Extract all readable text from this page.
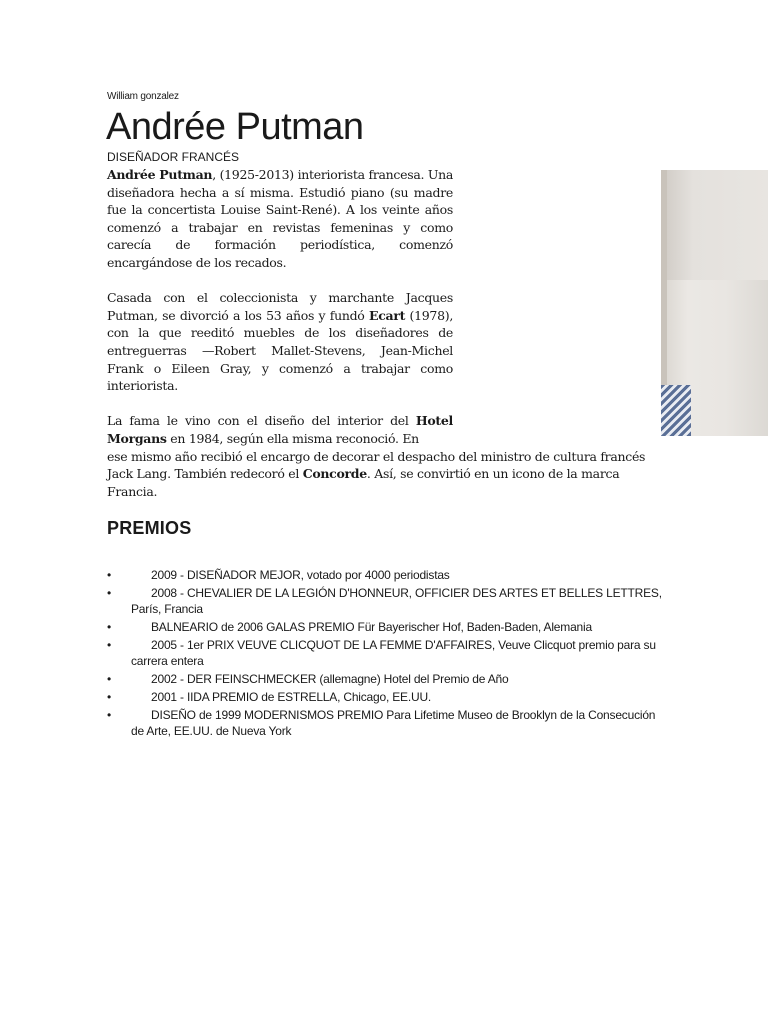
William gonzalez
Andrée Putman
DISEÑADOR FRANCÉS

Andrée Putman, (1925-2013) interiorista francesa. Una diseñadora hecha a sí misma. Estudió piano (su madre fue la concertista Louise Saint-René). A los veinte años comenzó a trabajar en revistas femeninas y como carecía de formación periodística, comenzó encargándose de los recados.

Casada con el coleccionista y marchante Jacques Putman, se divorció a los 53 años y fundó Ecart (1978), con la que reeditó muebles de los diseñadores de entreguerras —Robert Mallet-Stevens, Jean-Michel Frank o Eileen Gray, y comenzó a trabajar como interiorista.

La fama le vino con el diseño del interior del Hotel Morgans en 1984, según ella misma reconoció. En

ese mismo año recibió el encargo de decorar el despacho del ministro de cultura francés Jack Lang. También redecoró el Concorde. Así, se convirtió en un icono de la marca Francia.

PREMIOS
•	2009 - DISEÑADOR MEJOR, votado por 4000 periodistas
•	2008 - CHEVALIER DE LA LEGIÓN D'HONNEUR, OFFICIER DES ARTES ET BELLES LETTRES, París, Francia
•	BALNEARIO de 2006 GALAS PREMIO Für Bayerischer Hof, Baden-Baden, Alemania
•	2005 - 1er PRIX VEUVE CLICQUOT DE LA FEMME D'AFFAIRES, Veuve Clicquot premio para su carrera entera
•	2002 - DER FEINSCHMECKER (allemagne) Hotel del Premio de Año
•	2001 - IIDA PREMIO de ESTRELLA, Chicago, EE.UU.
•	DISEÑO de 1999 MODERNISMOS PREMIO Para Lifetime Museo de Brooklyn de la Consecución de Arte, EE.UU. de Nueva York
